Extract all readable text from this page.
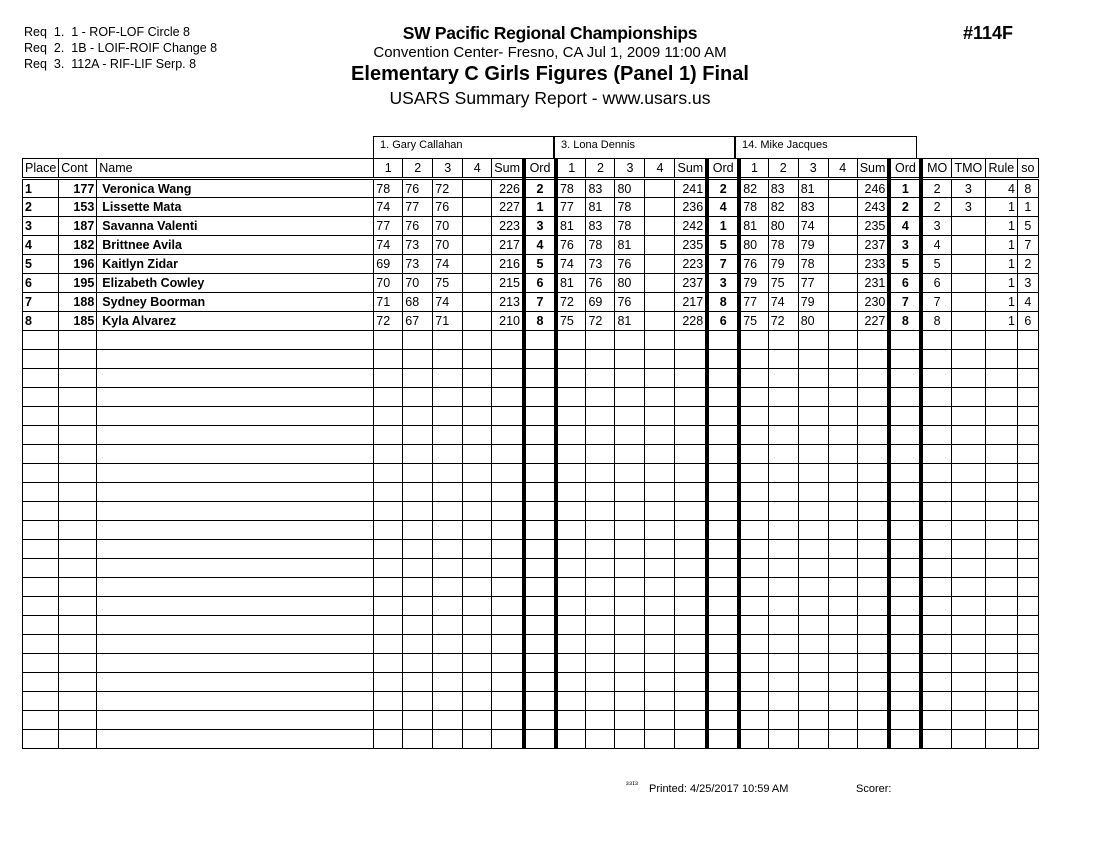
Req  1.  1 - ROF-LOF Circle 8
Req  2.  1B - LOIF-ROIF Change 8
Req  3.  112A - RIF-LIF Serp. 8
SW Pacific Regional Championships
Convention Center- Fresno, CA Jul 1, 2009 11:00 AM
Elementary C Girls Figures (Panel 1) Final
USARS Summary Report - www.usars.us
#114F
1. Gary Callahan	3. Lona Dennis	14. Mike Jacques
Place	Cont	Name	1	2	3	4	Sum	Ord	1	2	3	4	Sum	Ord	1	2	3	4	Sum	Ord	MO	TMO	Rule	so
1	177	Veronica Wang	78	76	72		226	2	78	83	80		241	2	82	83	81		246	1	2	3	4	8
2	153	Lissette Mata	74	77	76		227	1	77	81	78		236	4	78	82	83		243	2	2	3	1	1
3	187	Savanna Valenti	77	76	70		223	3	81	83	78		242	1	81	80	74		235	4	3		1	5
4	182	Brittnee Avila	74	73	70		217	4	76	78	81		235	5	80	78	79		237	3	4		1	7
5	196	Kaitlyn Zidar	69	73	74		216	5	74	73	76		223	7	76	79	78		233	5	5		1	2
6	195	Elizabeth Cowley	70	70	75		215	6	81	76	80		237	3	79	75	77		231	6	6		1	3
7	188	Sydney Boorman	71	68	74		213	7	72	69	76		217	8	77	74	79		230	7	7		1	4
8	185	Kyla Alvarez	72	67	71		210	8	75	72	81		228	6	75	72	80		227	8	8		1	6

ɜɜɪɜ Printed: 4/25/2017 10:59 AM	Scorer:
